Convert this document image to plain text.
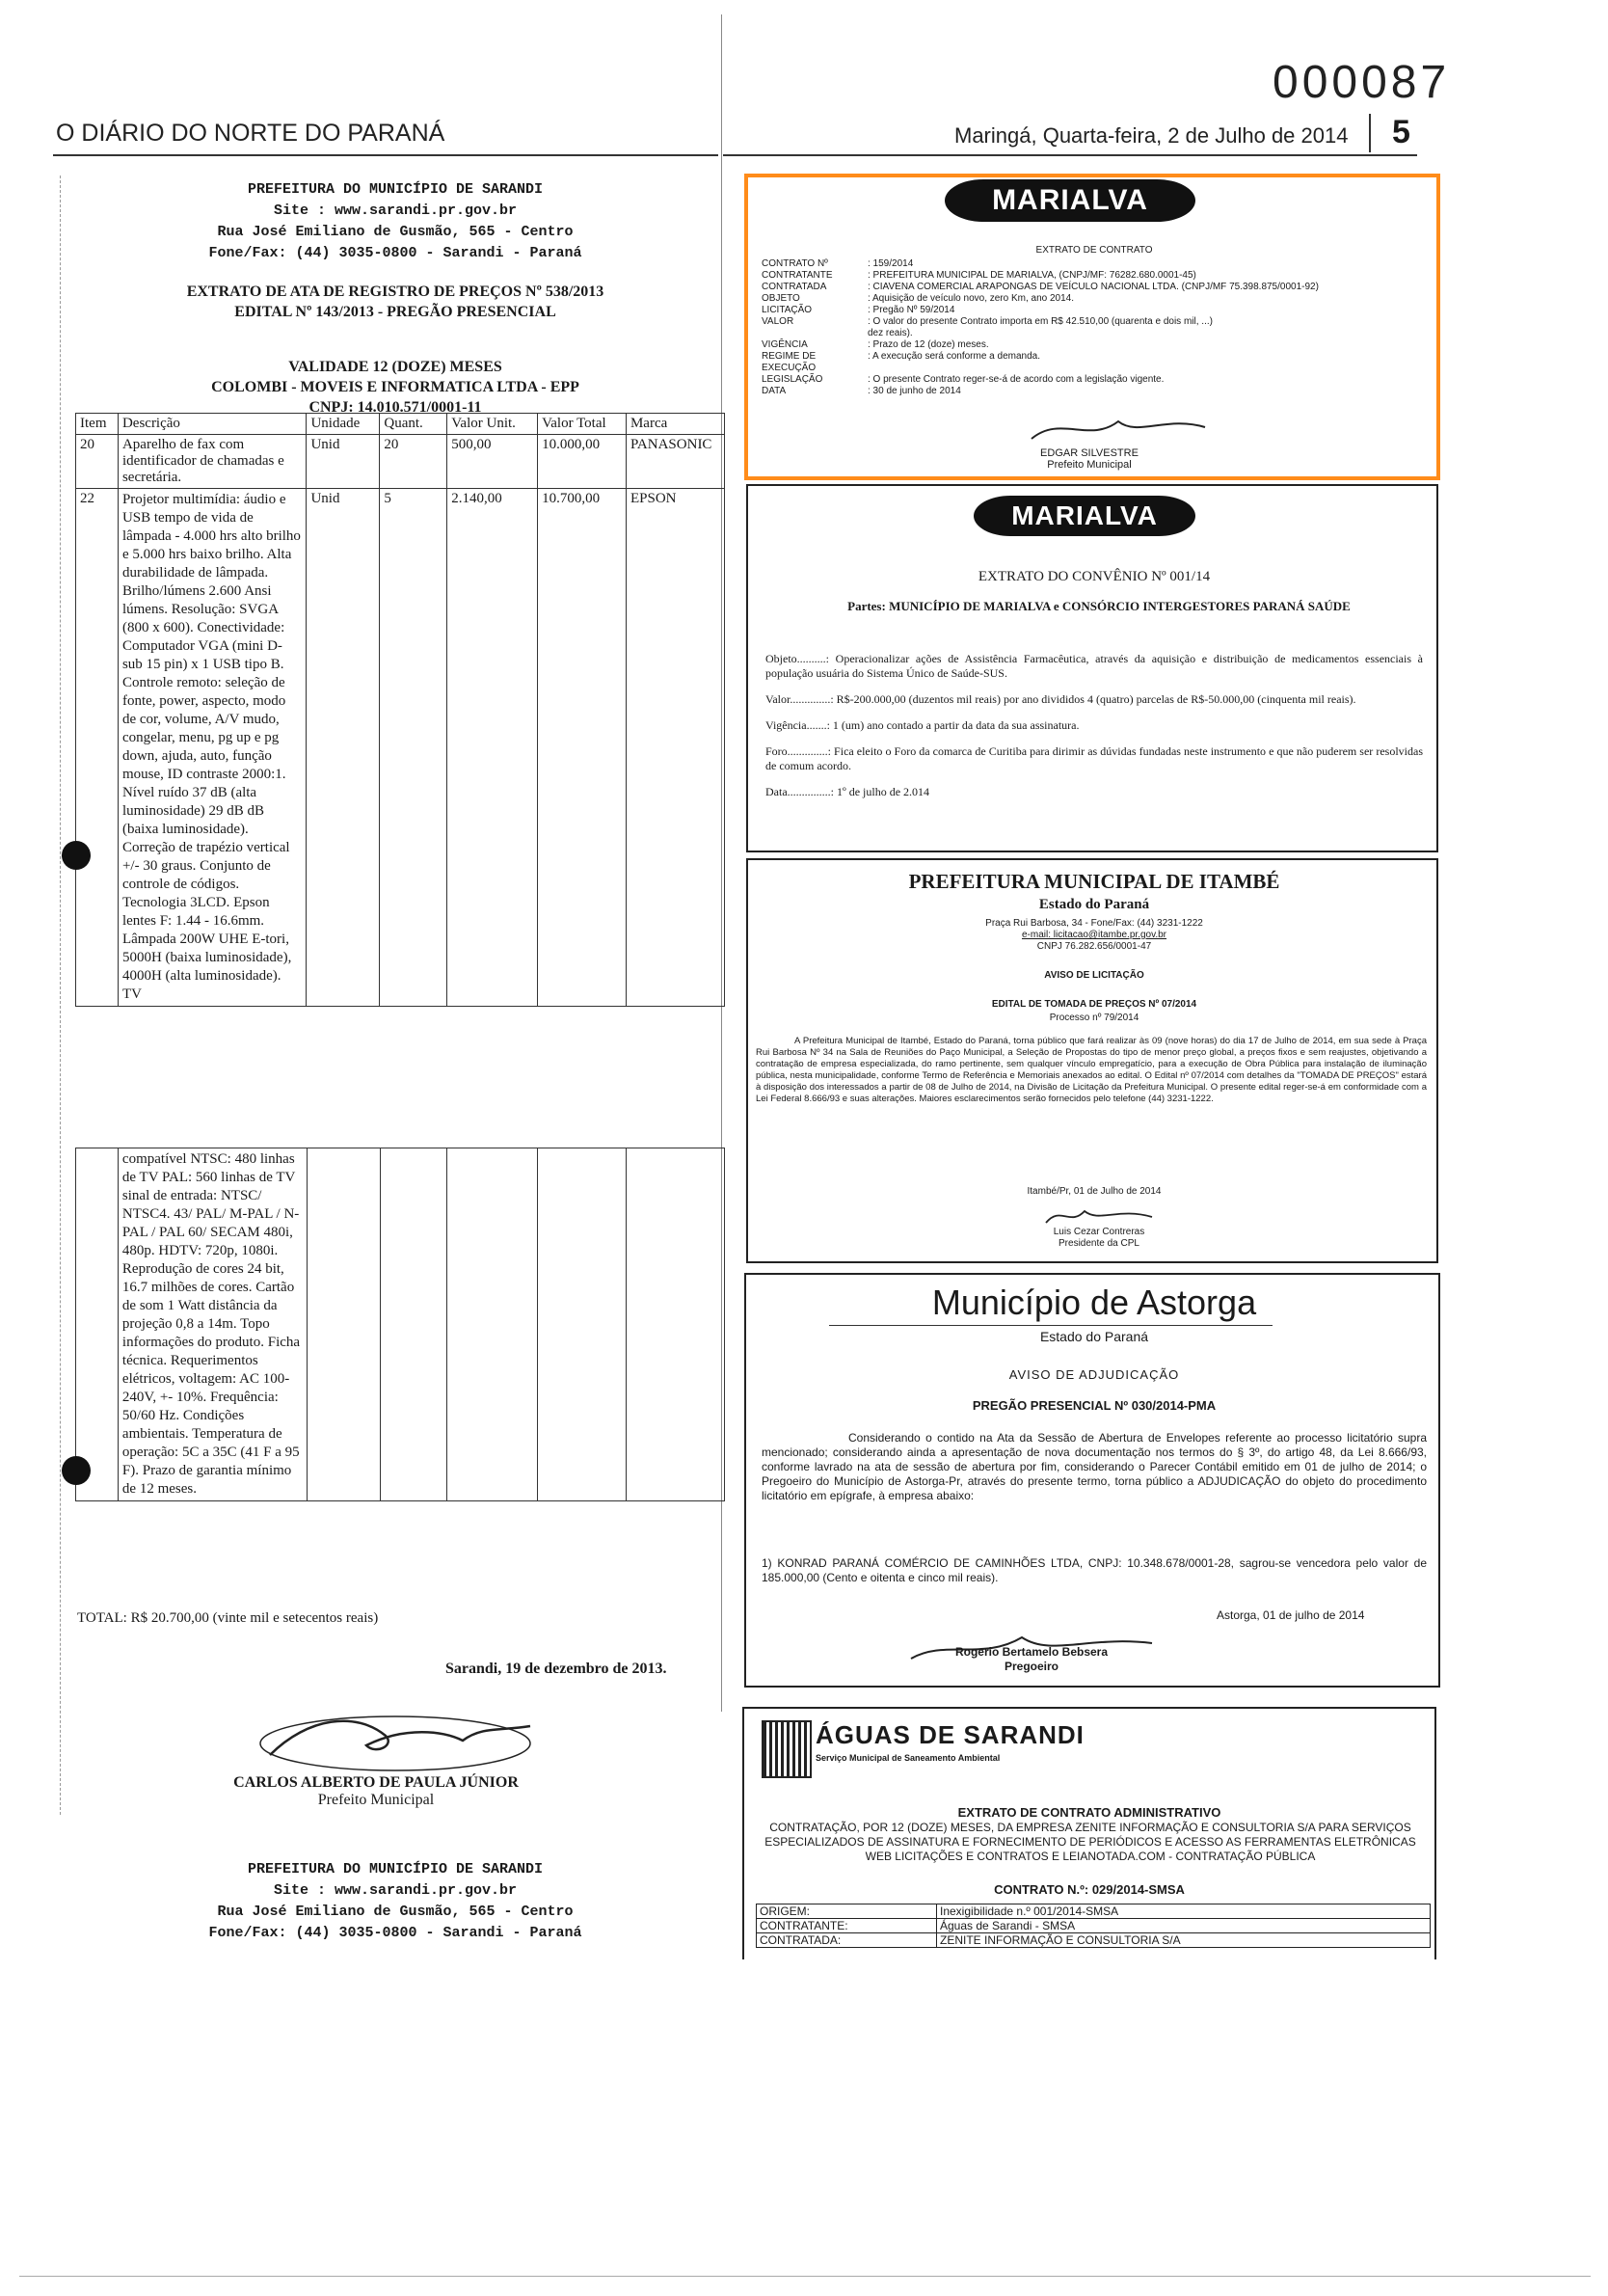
000087
O DIÁRIO DO NORTE DO PARANÁ	Maringá, Quarta-feira, 2 de Julho de 2014 5
PREFEITURA DO MUNICÍPIO DE SARANDI
Site : www.sarandi.pr.gov.br
Rua José Emiliano de Gusmão, 565 - Centro
Fone/Fax: (44) 3035-0800 - Sarandi - Paraná
EXTRATO DE ATA DE REGISTRO DE PREÇOS Nº 538/2013
EDITAL Nº 143/2013 - PREGÃO PRESENCIAL
VALIDADE 12 (DOZE) MESES
COLOMBI - MOVEIS E INFORMATICA LTDA - EPP
CNPJ: 14.010.571/0001-11
Item	Descrição	Unidade	Quant.	Valor Unit.	Valor Total	Marca
20	Aparelho de fax com identificador de chamadas e secretária.	Unid	20	500,00	10.000,00	PANASONIC
22	Projetor multimídia: áudio e USB tempo de vida de lâmpada - 4.000 hrs alto brilho e 5.000 hrs baixo brilho. Alta durabilidade de lâmpada. Brilho/lúmens 2.600 Ansi lúmens. Resolução: SVGA (800 x 600). Conectividade: Computador VGA (mini D-sub 15 pin) x 1 USB tipo B. Controle remoto: seleção de fonte, power, aspecto, modo de cor, volume, A/V mudo, congelar, menu, pg up e pg down, ajuda, auto, função mouse, ID contraste 2000:1. Nível ruído 37 dB (alta luminosidade) 29 dB dB (baixa luminosidade). Correção de trapézio vertical +/- 30 graus. Conjunto de controle de códigos. Tecnologia 3LCD. Epson lentes F: 1.44 - 16.6mm. Lâmpada 200W UHE E-tori, 5000H (baixa luminosidade), 4000H (alta luminosidade). TV	Unid	5	2.140,00	10.700,00	EPSON
	compatível NTSC: 480 linhas de TV PAL: 560 linhas de TV sinal de entrada: NTSC/ NTSC4. 43/ PAL/ M-PAL / N-PAL / PAL 60/ SECAM 480i, 480p. HDTV: 720p, 1080i. Reprodução de cores 24 bit, 16.7 milhões de cores. Cartão de som 1 Watt distância da projeção 0,8 a 14m. Topo informações do produto. Ficha técnica. Requerimentos elétricos, voltagem: AC 100-240V, +- 10%. Frequência: 50/60 Hz. Condições ambientais. Temperatura de operação: 5C a 35C (41 F a 95 F). Prazo de garantia mínimo de 12 meses.					
TOTAL: R$ 20.700,00 (vinte mil e setecentos reais)
Sarandi, 19 de dezembro de 2013.
CARLOS ALBERTO DE PAULA JÚNIOR
Prefeito Municipal
PREFEITURA DO MUNICÍPIO DE SARANDI
Site : www.sarandi.pr.gov.br
Rua José Emiliano de Gusmão, 565 - Centro
Fone/Fax: (44) 3035-0800 - Sarandi - Paraná
MARIALVA
EXTRATO DE CONTRATO
CONTRATO Nº	: 159/2014
CONTRATANTE	: PREFEITURA MUNICIPAL DE MARIALVA, (CNPJ/MF: 76282.680.0001-45)
CONTRATADA	: CIAVENA COMERCIAL ARAPONGAS DE VEÍCULO NACIONAL LTDA. (CNPJ/MF 75.398.875/0001-92)
OBJETO	: Aquisição de veículo novo, zero Km, ano 2014.
LICITAÇÃO	: Pregão Nº 59/2014
VALOR	: O valor do presente Contrato importa em R$ 42.510,00 (quarenta e dois mil, ...)
dez reais).
VIGÊNCIA	: Prazo de 12 (doze) meses.
REGIME DE EXECUÇÃO
: A execução será conforme a demanda.
LEGISLAÇÃO	: O presente Contrato reger-se-á de acordo com a legislação vigente.
DATA	: 30 de junho de 2014
EDGAR SILVESTRE
Prefeito Municipal
MARIALVA
EXTRATO DO CONVÊNIO Nº 001/14
Partes: MUNICÍPIO DE MARIALVA e CONSÓRCIO INTERGESTORES PARANÁ SAÚDE
Objeto..........: Operacionalizar ações de Assistência Farmacêutica, através da aquisição e distribuição de medicamentos essenciais à população usuária do Sistema Único de Saúde-SUS.
Valor..............: R$-200.000,00 (duzentos mil reais) por ano divididos 4 (quatro) parcelas de R$-50.000,00 (cinquenta mil reais).
Vigência.......: 1 (um) ano contado a partir da data da sua assinatura.
Foro..............: Fica eleito o Foro da comarca de Curitiba para dirimir as dúvidas fundadas neste instrumento e que não puderem ser resolvidas de comum acordo.
Data...............: 1º de julho de 2.014
PREFEITURA MUNICIPAL DE ITAMBÉ
Estado do Paraná
Praça Rui Barbosa, 34 - Fone/Fax: (44) 3231-1222
e-mail: licitacao@itambe.pr.gov.br
CNPJ 76.282.656/0001-47
AVISO DE LICITAÇÃO
EDITAL DE TOMADA DE PREÇOS Nº 07/2014
Processo nº 79/2014
A Prefeitura Municipal de Itambé, Estado do Paraná, torna público que fará realizar às 09 (nove horas) do dia 17 de Julho de 2014, em sua sede à Praça Rui Barbosa Nº 34 na Sala de Reuniões do Paço Municipal, a Seleção de Propostas do tipo de menor preço global, a preços fixos e sem reajustes, objetivando a contratação de empresa especializada, do ramo pertinente, sem qualquer vínculo empregatício, para a execução de Obra Pública para instalação de iluminação pública, nesta municipalidade, conforme Termo de Referência e Memoriais anexados ao edital. O Edital nº 07/2014 com detalhes da "TOMADA DE PREÇOS" estará à disposição dos interessados a partir de 08 de Julho de 2014, na Divisão de Licitação da Prefeitura Municipal. O presente edital reger-se-á em conformidade com a Lei Federal 8.666/93 e suas alterações. Maiores esclarecimentos serão fornecidos pelo telefone (44) 3231-1222.
Itambé/Pr, 01 de Julho de 2014
Luis Cezar Contreras
Presidente da CPL
Município de Astorga
Estado do Paraná
AVISO DE ADJUDICAÇÃO
PREGÃO PRESENCIAL Nº 030/2014-PMA
Considerando o contido na Ata da Sessão de Abertura de Envelopes referente ao processo licitatório supra mencionado; considerando ainda a apresentação de nova documentação nos termos do § 3º, do artigo 48, da Lei 8.666/93, conforme lavrado na ata de sessão de abertura por fim, considerando o Parecer Contábil emitido em 01 de julho de 2014; o Pregoeiro do Município de Astorga-Pr, através do presente termo, torna público a ADJUDICAÇÃO do objeto do procedimento licitatório em epígrafe, à empresa abaixo:
1) KONRAD PARANÁ COMÉRCIO DE CAMINHÕES LTDA, CNPJ: 10.348.678/0001-28, sagrou-se vencedora pelo valor de 185.000,00 (Cento e oitenta e cinco mil reais).
Astorga, 01 de julho de 2014
Rogerio Bertamelo Bebsera
Pregoeiro
ÁGUAS DE SARANDI
Serviço Municipal de Saneamento Ambiental
EXTRATO DE CONTRATO ADMINISTRATIVO
CONTRATAÇÃO, POR 12 (DOZE) MESES, DA EMPRESA ZENITE INFORMAÇÃO E CONSULTORIA S/A PARA SERVIÇOS ESPECIALIZADOS DE ASSINATURA E FORNECIMENTO DE PERIÓDICOS E ACESSO AS FERRAMENTAS ELETRÔNICAS WEB LICITAÇÕES E CONTRATOS E LEIANOTADA.COM - CONTRATAÇÃO PÚBLICA
CONTRATO N.º: 029/2014-SMSA
ORIGEM:	Inexigibilidade n.º 001/2014-SMSA
CONTRATANTE:	Águas de Sarandi - SMSA
CONTRATADA:	ZENITE INFORMAÇÃO E CONSULTORIA S/A
